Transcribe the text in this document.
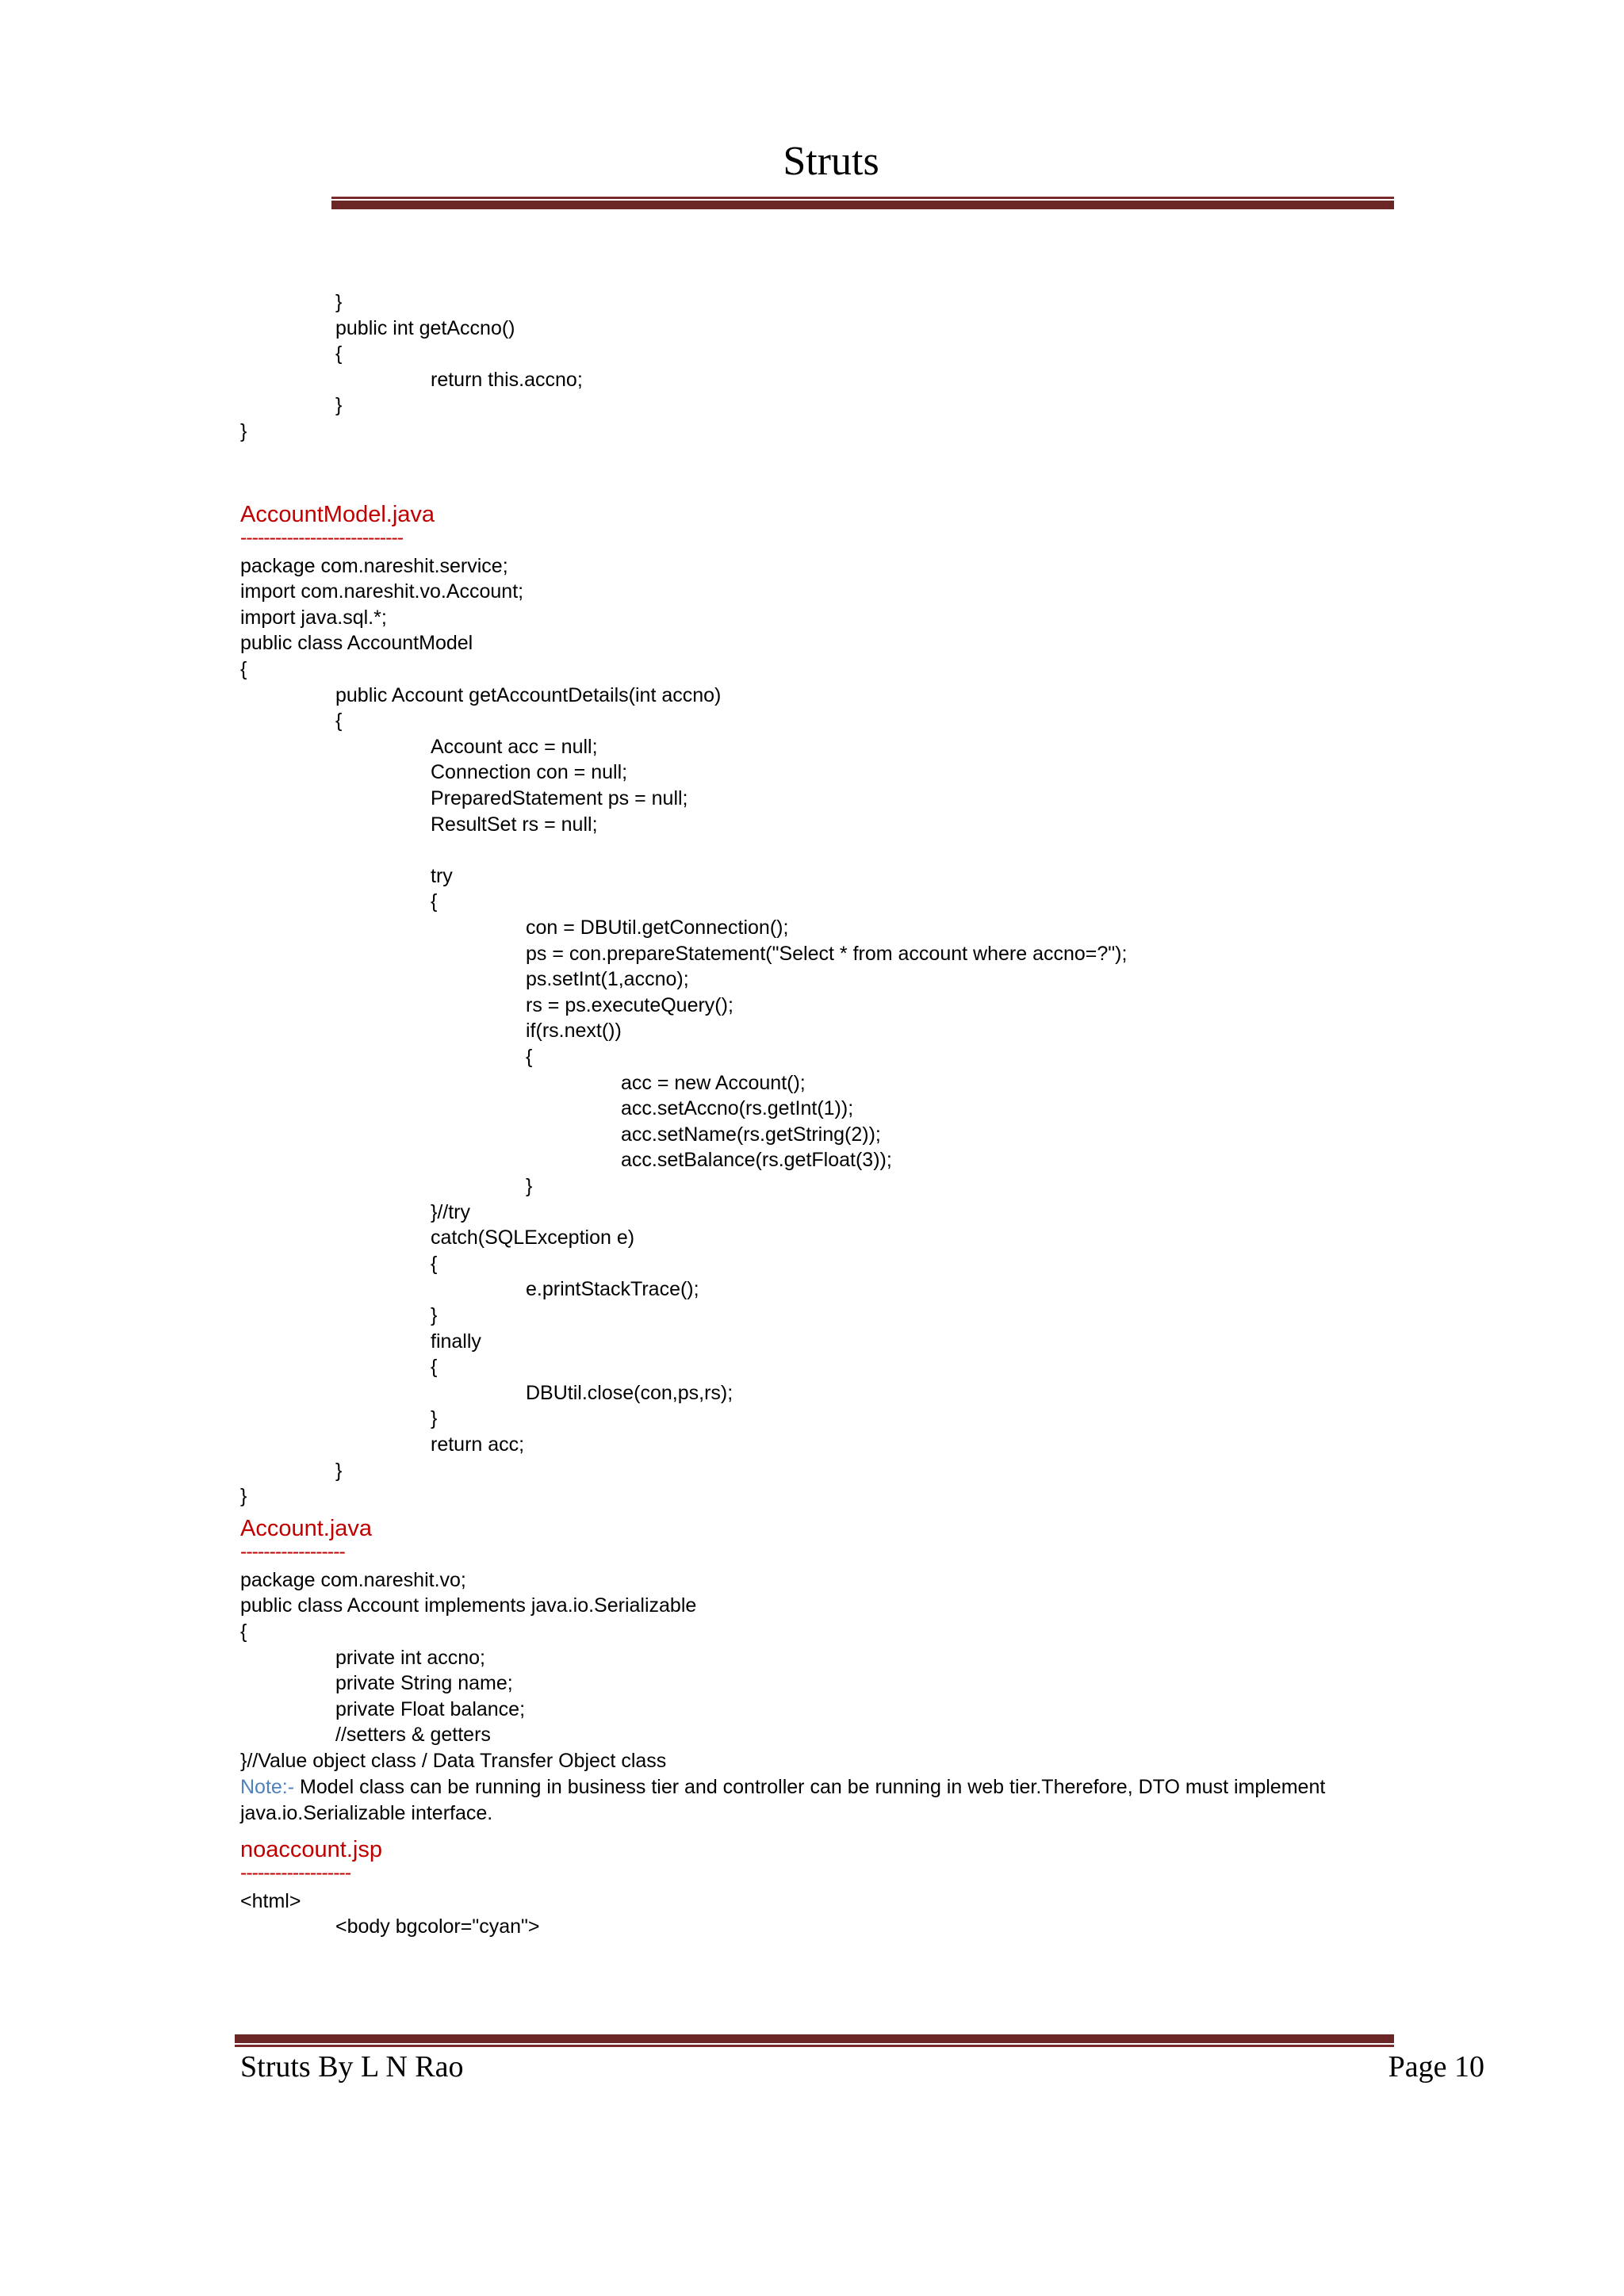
Struts
}
public int getAccno()
{
return this.accno;
}
}
AccountModel.java
----------------------------
package com.nareshit.service;
import com.nareshit.vo.Account;
import java.sql.*;
public class AccountModel
{
public Account getAccountDetails(int accno)
{
Account acc = null;
Connection con = null;
PreparedStatement ps = null;
ResultSet rs = null;
try
{
con = DBUtil.getConnection();
ps = con.prepareStatement("Select * from account where accno=?");
ps.setInt(1,accno);
rs = ps.executeQuery();
if(rs.next())
{
acc = new Account();
acc.setAccno(rs.getInt(1));
acc.setName(rs.getString(2));
acc.setBalance(rs.getFloat(3));
}
}//try
catch(SQLException e)
{
e.printStackTrace();
}
finally
{
DBUtil.close(con,ps,rs);
}
return acc;
}
}
Account.java
------------------
package com.nareshit.vo;
public class Account implements java.io.Serializable
{
private int accno;
private String name;
private Float balance;
//setters & getters
}//Value object class / Data Transfer Object class
Note:- Model class can be running in business tier and controller can be running in web tier.Therefore, DTO must implement java.io.Serializable interface.
noaccount.jsp
-------------------
<html>
<body bgcolor="cyan">
Struts By L N Rao	Page 10
